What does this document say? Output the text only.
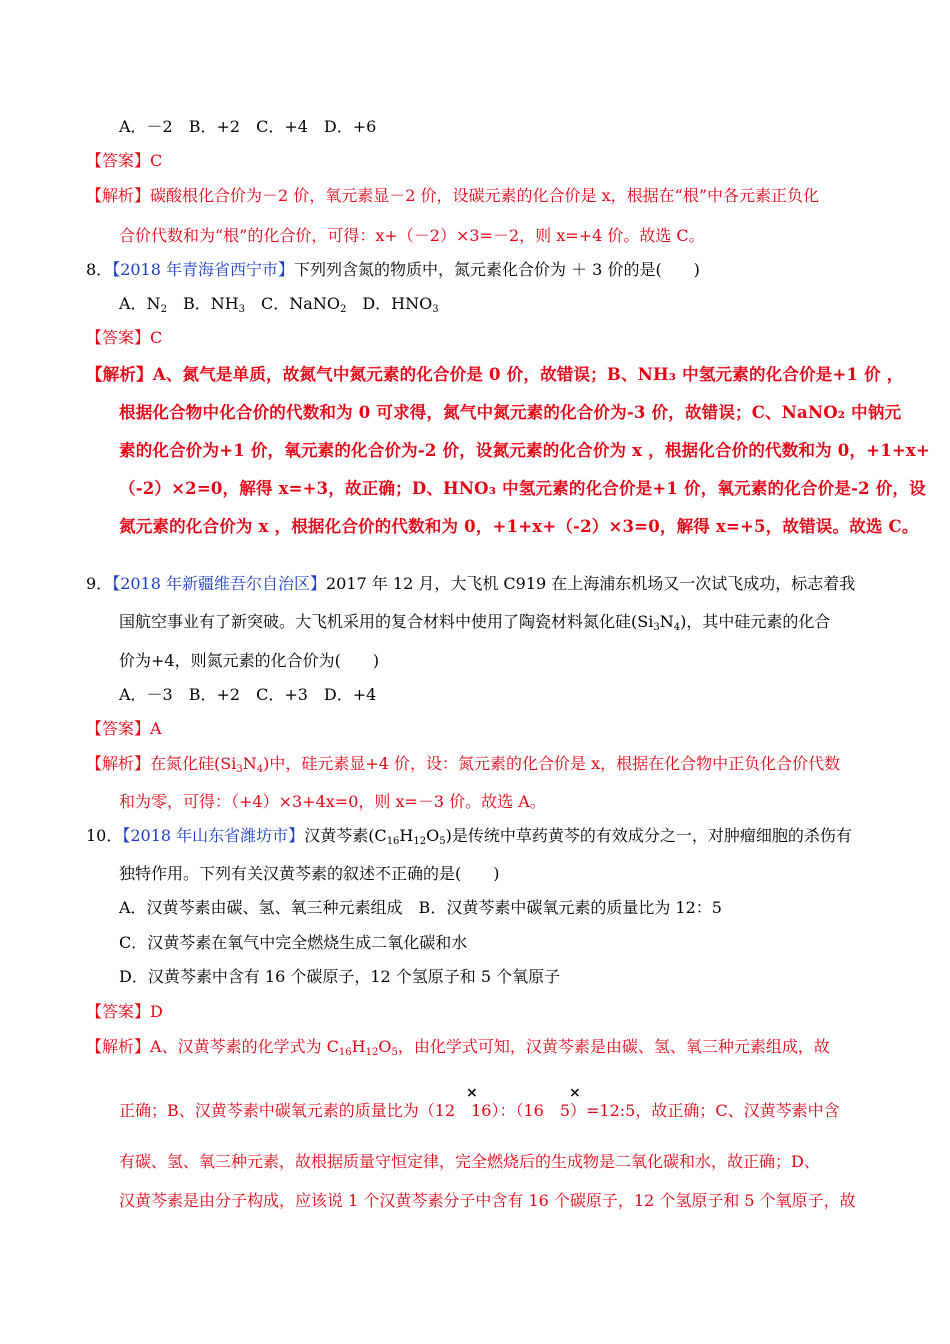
A．－2　B．+2　C．+4　D．+6
【答案】C
【解析】碳酸根化合价为－2 价，氧元素显－2 价，设碳元素的化合价是 x，根据在“根”中各元素正负化
合价代数和为“根”的化合价，可得：x+（－2）×3=－2，则 x=+4 价。故选 C。
8．【2018 年青海省西宁市】下列列含氮的物质中，氮元素化合价为 ＋ 3 价的是(　　)
A．$N_2$　B．$NH_3$　C．NaNO$_2$　D．$HNO_3$
【答案】C
【解析】A、氮气是单质，故氮气中氮元素的化合价是 0 价，故错误；B、NH₃ 中氢元素的化合价是+1 价 ，
根据化合物中化合价的代数和为 0 可求得，氮气中氮元素的化合价为-3 价，故错误；C、NaNO₂ 中钠元
素的化合价为+1 价，氧元素的化合价为-2 价，设氮元素的化合价为 x ，根据化合价的代数和为 0，+1+x+
（-2）×2=0，解得 x=+3，故正确；D、HNO₃ 中氢元素的化合价是+1 价，氧元素的化合价是-2 价，设
氮元素的化合价为 x ，根据化合价的代数和为 0，+1+x+（-2）×3=0，解得 x=+5，故错误。故选 C。
9．【2018 年新疆维吾尔自治区】2017 年 12 月，大飞机 C919 在上海浦东机场又一次试飞成功，标志着我
国航空事业有了新突破。大飞机采用的复合材料中使用了陶瓷材料氮化硅$(Si_3N_4)$，其中硅元素的化合
价为+4，则氮元素的化合价为(　　)
A．－3　B．+2　C．+3　D．+4
【答案】A
【解析】在氮化硅$(Si_3N_4)$中，硅元素显+4 价，设：氮元素的化合价是 x，根据在化合物中正负化合价代数
和为零，可得：（+4）×3+4x=0，则 x=－3 价。故选 A。
10．【2018 年山东省潍坊市】汉黄芩素$(C_{16}H_{12}O_5)$是传统中草药黄芩的有效成分之一，对肿瘤细胞的杀伤有
独特作用。下列有关汉黄芩素的叙述不正确的是(　　)
A．汉黄芩素由碳、氢、氧三种元素组成　B．汉黄芩素中碳氧元素的质量比为 12：5
C．汉黄芩素在氧气中完全燃烧生成二氧化碳和水
D．汉黄芩素中含有 16 个碳原子，12 个氢原子和 5 个氧原子
【答案】D
【解析】A、汉黄芩素的化学式为 $C_{16}H_{12}O_5$，由化学式可知，汉黄芩素是由碳、氢、氧三种元素组成，故
×	×
正确；B、汉黄芩素中碳氧元素的质量比为（12　16）：（16　5）=12:5，故正确；C、汉黄芩素中含
有碳、氢、氧三种元素，故根据质量守恒定律，完全燃烧后的生成物是二氧化碳和水，故正确；D、
汉黄芩素是由分子构成，应该说 1 个汉黄芩素分子中含有 16 个碳原子，12 个氢原子和 5 个氧原子，故
